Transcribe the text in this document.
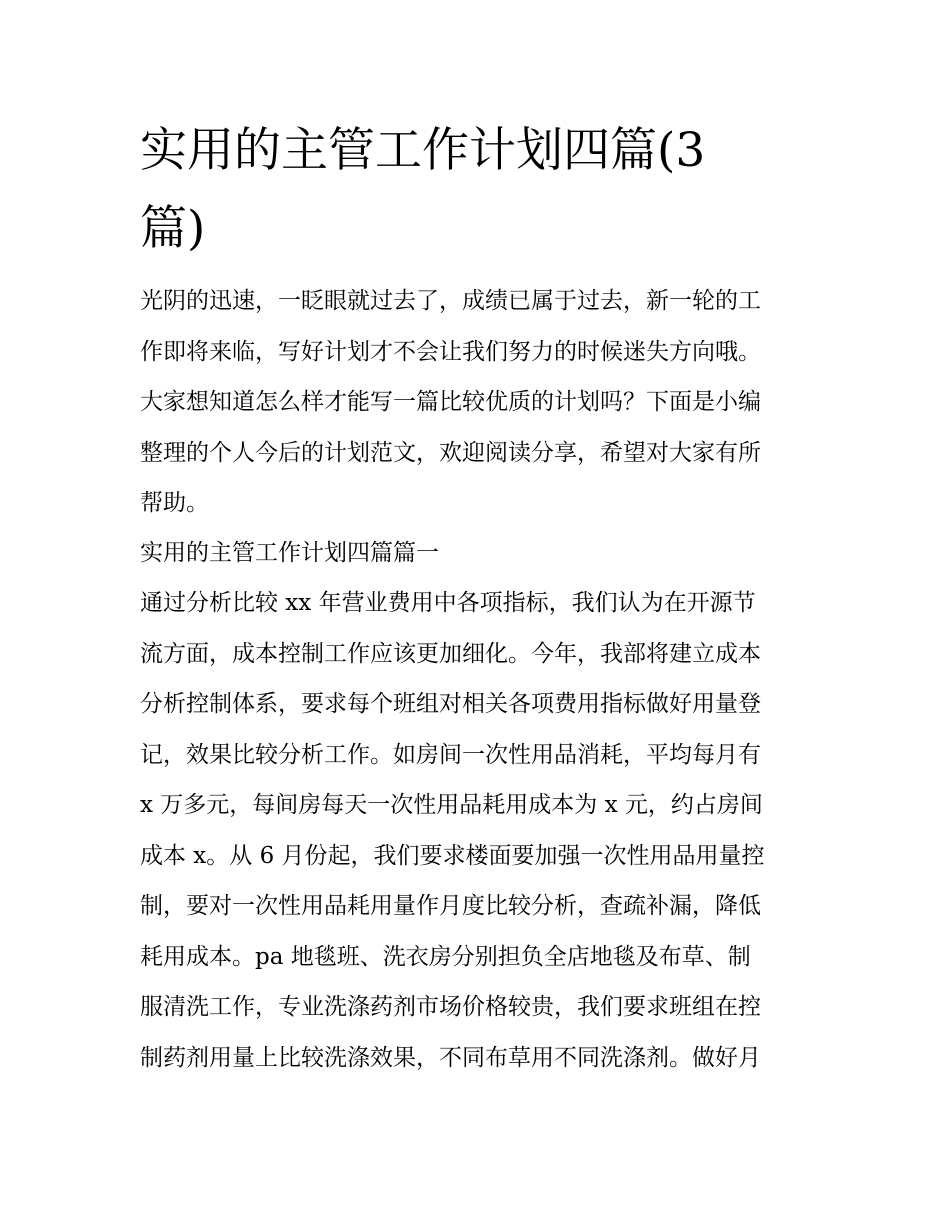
实用的主管工作计划四篇(3
篇)
光阴的迅速，一眨眼就过去了，成绩已属于过去，新一轮的工
作即将来临，写好计划才不会让我们努力的时候迷失方向哦。
大家想知道怎么样才能写一篇比较优质的计划吗？下面是小编
整理的个人今后的计划范文，欢迎阅读分享，希望对大家有所
帮助。
实用的主管工作计划四篇篇一
通过分析比较 xx 年营业费用中各项指标，我们认为在开源节
流方面，成本控制工作应该更加细化。今年，我部将建立成本
分析控制体系，要求每个班组对相关各项费用指标做好用量登
记，效果比较分析工作。如房间一次性用品消耗，平均每月有
x 万多元，每间房每天一次性用品耗用成本为 x 元，约占房间
成本 x。从 6 月份起，我们要求楼面要加强一次性用品用量控
制，要对一次性用品耗用量作月度比较分析，查疏补漏，降低
耗用成本。pa 地毯班、洗衣房分别担负全店地毯及布草、制
服清洗工作，专业洗涤药剂市场价格较贵，我们要求班组在控
制药剂用量上比较洗涤效果，不同布草用不同洗涤剂。做好月
